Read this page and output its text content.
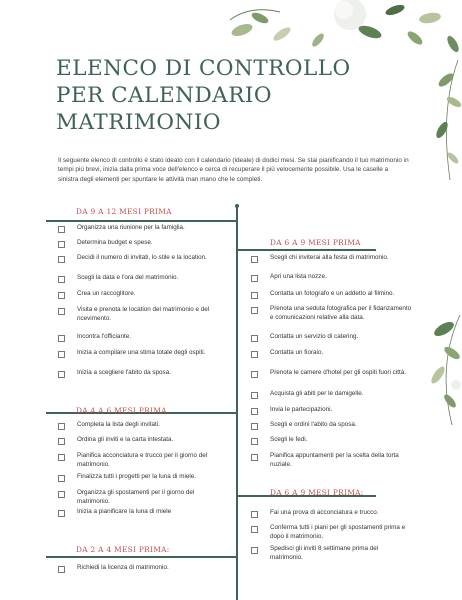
ELENCO DI CONTROLLO
PER CALENDARIO
MATRIMONIO
Il seguente elenco di controllo è stato ideato con il calendario (ideale) di dodici mesi. Se stai pianificando il tuo matrimonio in tempi più brevi, inizia dalla prima voce dell'elenco e cerca di recuperare il più velocemente possibile. Usa le caselle a sinistra degli elementi per spuntare le attività man mano che le completi.
DA 9 A 12 MESI PRIMA
Organizza una riunione per la famiglia.
Determina budget e spese.
Decidi il numero di invitati, lo stile e la location.
Scegli la data e l'ora del matrimonio.
Crea un raccoglitore.
Visita e prenota le location del matrimonio e del ricevimento.
Incontra l'officiante.
Inizia a compilare una stima totale degli ospiti.
Inizia a scegliere l'abito da sposa.
DA 4 A 6 MESI PRIMA
Completa la lista degli invitati.
Ordina gli inviti e la carta intestata.
Pianifica acconciatura e trucco per il giorno del matrimonio.
Finalizza tutti i progetti per la luna di miele.
Organizza gli spostamenti per il giorno del matrimonio.
Inizia a pianificare la luna di miele
DA 2 A 4 MESI PRIMA:
Richiedi la licenza di matrimonio.
DA 6 A 9 MESI PRIMA
Scegli chi inviterai alla festa di matrimonio.
Apri una lista nozze.
Contatta un fotografo e un addetto al filmino.
Prenota una seduta fotografica per il fidanzamento e comunicazioni relative alla data.
Contatta un servizio di catering.
Contatta un fioraio.
Prenota le camere d'hotel per gli ospiti fuori città.
Acquista gli abiti per le damigelle.
Invia le partecipazioni.
Scegli e ordini l'abito da sposa.
Scegli le fedi.
Pianifica appuntamenti per la scelta della torta nuziale.
DA 6 A 9 MESI PRIMA:
Fai una prova di acconciatura e trucco.
Conferma tutti i piani per gli spostamenti prima e dopo il matrimonio.
Spedisci gli inviti 8 settimane prima del matrimonio.
